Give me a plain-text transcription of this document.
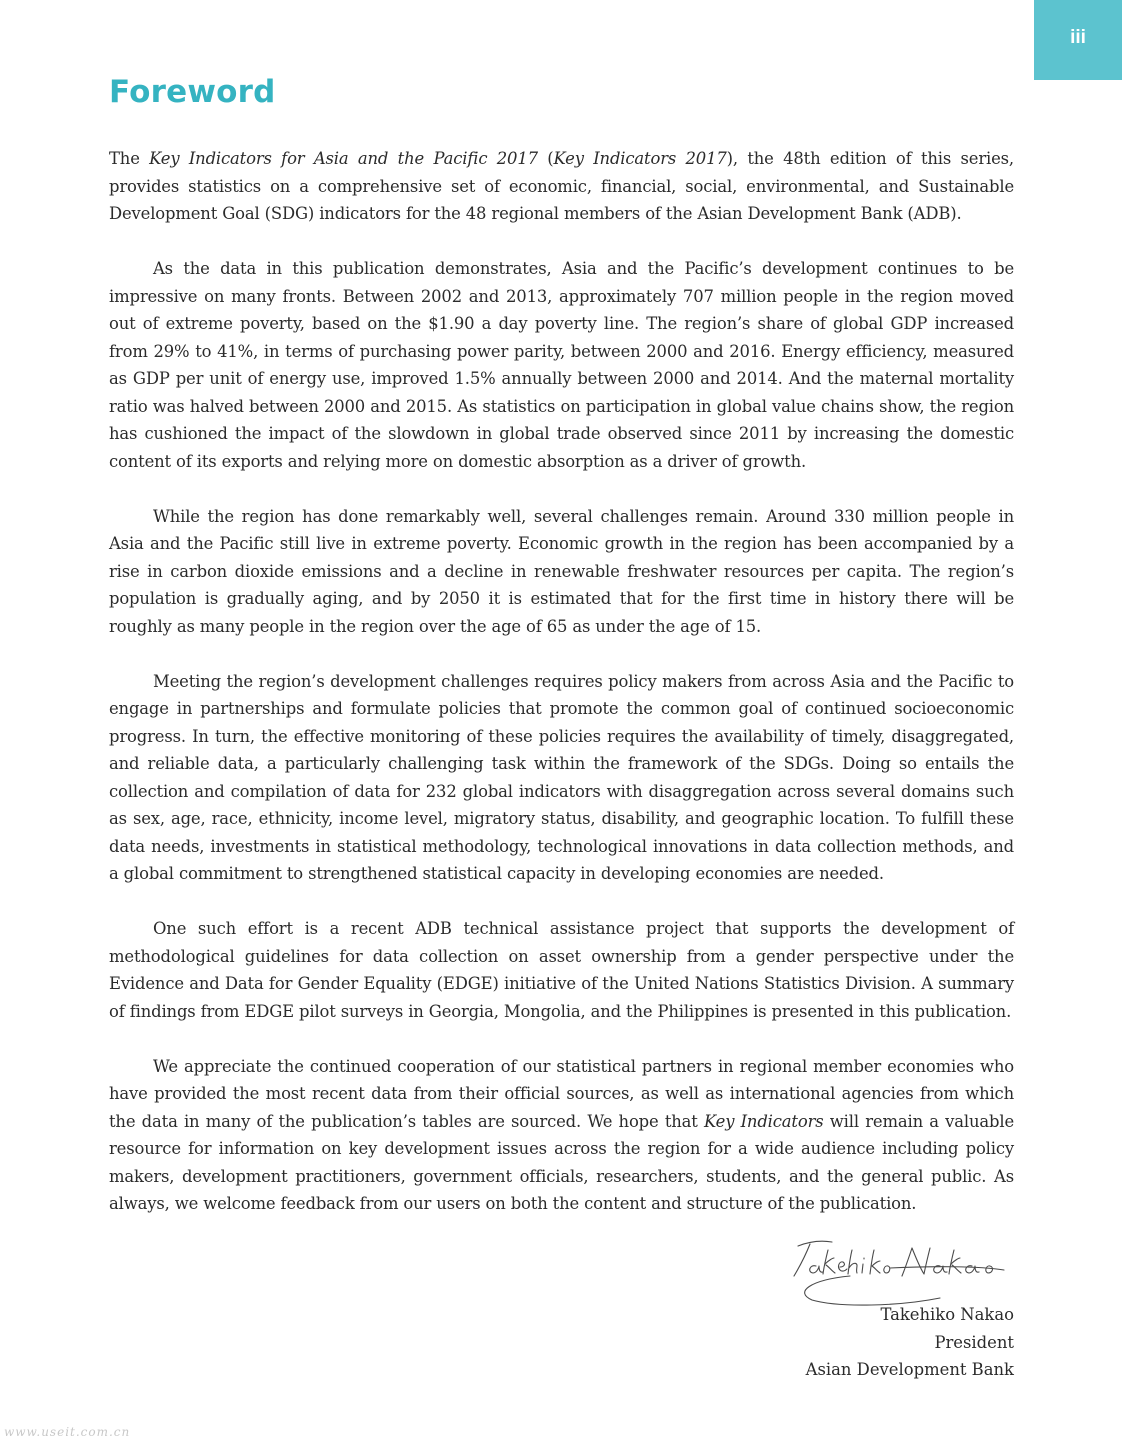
iii
Foreword

The Key Indicators for Asia and the Pacific 2017 (Key Indicators 2017), the 48th edition of this series, provides statistics on a comprehensive set of economic, financial, social, environmental, and Sustainable Development Goal (SDG) indicators for the 48 regional members of the Asian Development Bank (ADB).

As the data in this publication demonstrates, Asia and the Pacific’s development continues to be impressive on many fronts. Between 2002 and 2013, approximately 707 million people in the region moved out of extreme poverty, based on the $1.90 a day poverty line. The region’s share of global GDP increased from 29% to 41%, in terms of purchasing power parity, between 2000 and 2016. Energy efficiency, measured as GDP per unit of energy use, improved 1.5% annually between 2000 and 2014. And the maternal mortality ratio was halved between 2000 and 2015. As statistics on participation in global value chains show, the region has cushioned the impact of the slowdown in global trade observed since 2011 by increasing the domestic content of its exports and relying more on domestic absorption as a driver of growth.

While the region has done remarkably well, several challenges remain. Around 330 million people in Asia and the Pacific still live in extreme poverty. Economic growth in the region has been accompanied by a rise in carbon dioxide emissions and a decline in renewable freshwater resources per capita. The region’s population is gradually aging, and by 2050 it is estimated that for the first time in history there will be roughly as many people in the region over the age of 65 as under the age of 15.

Meeting the region’s development challenges requires policy makers from across Asia and the Pacific to engage in partnerships and formulate policies that promote the common goal of continued socioeconomic progress. In turn, the effective monitoring of these policies requires the availability of timely, disaggregated, and reliable data, a particularly challenging task within the framework of the SDGs. Doing so entails the collection and compilation of data for 232 global indicators with disaggregation across several domains such as sex, age, race, ethnicity, income level, migratory status, disability, and geographic location. To fulfill these data needs, investments in statistical methodology, technological innovations in data collection methods, and a global commitment to strengthened statistical capacity in developing economies are needed.

One such effort is a recent ADB technical assistance project that supports the development of methodological guidelines for data collection on asset ownership from a gender perspective under the Evidence and Data for Gender Equality (EDGE) initiative of the United Nations Statistics Division. A summary of findings from EDGE pilot surveys in Georgia, Mongolia, and the Philippines is presented in this publication.

We appreciate the continued cooperation of our statistical partners in regional member economies who have provided the most recent data from their official sources, as well as international agencies from which the data in many of the publication’s tables are sourced. We hope that Key Indicators will remain a valuable resource for information on key development issues across the region for a wide audience including policy makers, development practitioners, government officials, researchers, students, and the general public. As always, we welcome feedback from our users on both the content and structure of the publication.

Takehiko Nakao
President
Asian Development Bank
www.useit.com.cn
